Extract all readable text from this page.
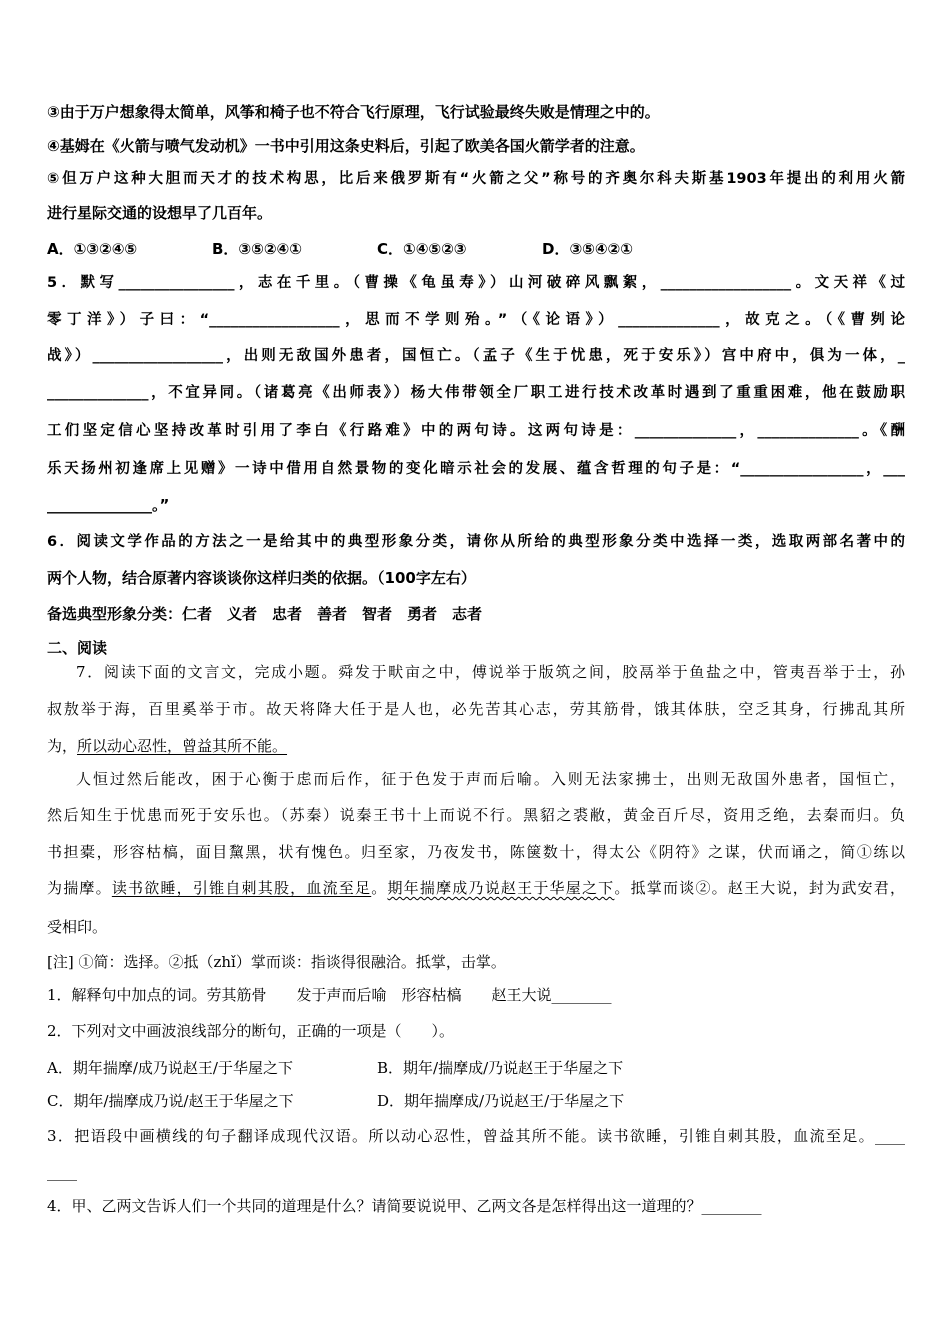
③由于万户想象得太简单，风筝和椅子也不符合飞行原理，飞行试验最终失败是情理之中的。
④基姆在《火箭与喷气发动机》一书中引用这条史料后，引起了欧美各国火箭学者的注意。
⑤但万户这种大胆而天才的技术构思，比后来俄罗斯有“火箭之父”称号的齐奥尔科夫斯基1903年提出的利用火箭
进行星际交通的设想早了几百年。
A．①③②④⑤	B．③⑤②④①	C．①④⑤②③	D．③⑤④②①
5．默写________________，志在千里。（曹操《龟虽寿》）山河破碎风飘絮，__________________。文天祥《过
零丁洋》）子曰：“__________________，思而不学则殆。”（《论语》）______________，故克之。（《曹刿论
战》）__________________，出则无敌国外患者，国恒亡。（孟子《生于忧患，死于安乐》）宫中府中，俱为一体，_
______________，不宜异同。（诸葛亮《出师表》）杨大伟带领全厂职工进行技术改革时遇到了重重困难，他在鼓励职
工们坚定信心坚持改革时引用了李白《行路难》中的两句诗。这两句诗是：______________，______________。《酬
乐天扬州初逢席上见赠》一诗中借用自然景物的变化暗示社会的发展、蕴含哲理的句子是：“_________________，___
______________。”
6．阅读文学作品的方法之一是给其中的典型形象分类，请你从所给的典型形象分类中选择一类，选取两部名著中的
两个人物，结合原著内容谈谈你这样归类的依据。（100字左右）
备选典型形象分类：仁者　义者　忠者　善者　智者　勇者　志者
二、阅读
7．阅读下面的文言文，完成小题。舜发于畎亩之中，傅说举于版筑之间，胶鬲举于鱼盐之中，管夷吾举于士，孙
叔敖举于海，百里奚举于市。故天将降大任于是人也，必先苦其心志，劳其筋骨，饿其体肤，空乏其身，行拂乱其所
为，所以动心忍性，曾益其所不能。
人恒过然后能改，困于心衡于虑而后作，征于色发于声而后喻。入则无法家拂士，出则无敌国外患者，国恒亡，
然后知生于忧患而死于安乐也。（苏秦）说秦王书十上而说不行。黑貂之裘敝，黄金百斤尽，资用乏绝，去秦而归。负
书担橐，形容枯槁，面目黧黑，状有愧色。归至家，乃夜发书，陈箧数十，得太公《阴符》之谋，伏而诵之，简①练以
为揣摩。读书欲睡，引锥自刺其股，血流至足。期年揣摩成乃说赵王于华屋之下。抵掌而谈②。赵王大说，封为武安君，
受相印。
[注] ①简：选择。②抵（zhǐ）掌而谈：指谈得很融洽。抵掌，击掌。
1．解释句中加点的词。劳其筋骨　　发于声而后喻　形容枯槁　　赵王大说________
2．下列对文中画波浪线部分的断句，正确的一项是（　　）。
A．期年揣摩/成乃说赵王/于华屋之下	B．期年/揣摩成/乃说赵王于华屋之下
C．期年/揣摩成乃说/赵王于华屋之下	D．期年揣摩成/乃说赵王/于华屋之下
3．把语段中画横线的句子翻译成现代汉语。所以动心忍性，曾益其所不能。读书欲睡，引锥自刺其股，血流至足。____
____
4．甲、乙两文告诉人们一个共同的道理是什么？请简要说说甲、乙两文各是怎样得出这一道理的？________
